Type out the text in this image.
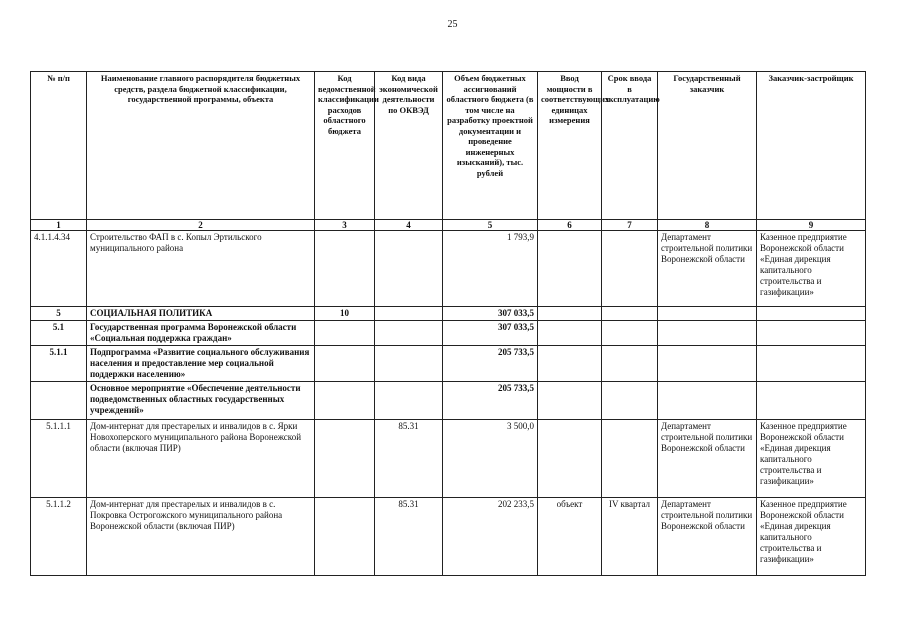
25
№ п/п	Наименование главного распорядителя бюджетных средств, раздела бюджетной классификации, государственной программы, объекта	Код ведомственной классификации расходов областного бюджета	Код вида экономической деятельности по ОКВЭД	Объем бюджетных ассигнований областного бюджета (в том числе на разработку проектной документации и проведение инженерных изысканий), тыс. рублей	Ввод мощности в соответствующих единицах измерения	Срок ввода в эксплуатацию	Государственный заказчик	Заказчик-застройщик
1	2	3	4	5	6	7	8	9
4.1.1.4.34	Строительство ФАП в с. Копыл Эртильского муниципального района			1 793,9			Департамент строительной политики Воронежской области	Казенное предприятие Воронежской области «Единая дирекция капитального строительства и газификации»
5	СОЦИАЛЬНАЯ ПОЛИТИКА	10		307 033,5				
5.1	Государственная программа Воронежской области «Социальная поддержка граждан»			307 033,5				
5.1.1	Подпрограмма «Развитие социального обслуживания населения и предоставление мер социальной поддержки населению»			205 733,5				
	Основное мероприятие «Обеспечение деятельности подведомственных областных государственных учреждений»			205 733,5				
5.1.1.1	Дом-интернат для престарелых и инвалидов в с. Ярки Новохоперского муниципального района Воронежской области (включая ПИР)		85.31	3 500,0			Департамент строительной политики Воронежской области	Казенное предприятие Воронежской области «Единая дирекция капитального строительства и газификации»
5.1.1.2	Дом-интернат для престарелых и инвалидов в с. Покровка Острогожского муниципального района Воронежской области (включая ПИР)		85.31	202 233,5	объект	IV квартал	Департамент строительной политики Воронежской области	Казенное предприятие Воронежской области «Единая дирекция капитального строительства и газификации»
